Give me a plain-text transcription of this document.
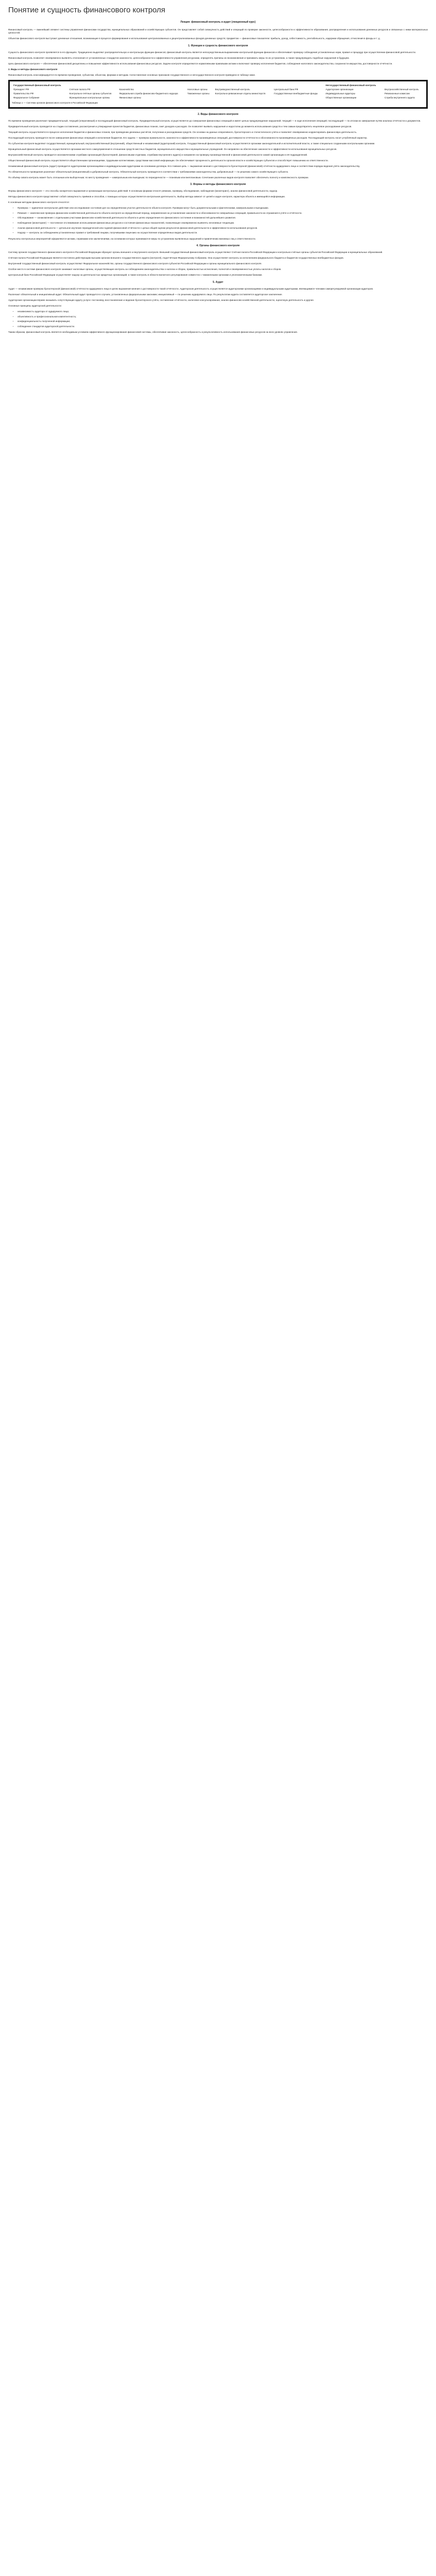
Понятие и сущность финансового контроля
Лекция: финансовый контроль и аудит (лекционный курс)

Финансовый контроль — важнейший элемент системы управления финансами государства, муниципальных образований и хозяйствующих субъектов. Он представляет собой совокупность действий и операций по проверке законности, целесообразности и эффективности образования, распределения и использования денежных ресурсов и связанных с ними материальных ценностей.

Объектом финансового контроля выступают денежные отношения, возникающие в процессе формирования и использования централизованных и децентрализованных фондов денежных средств; предметом — финансовые показатели: прибыль, доход, себестоимость, рентабельность, издержки обращения, отчисления в фонды и т. д.

1. Функции и сущность финансового контроля

Сущность финансового контроля проявляется в его функциях. Традиционно выделяют распределительную и контрольную функции финансов; финансовый контроль является непосредственным выражением контрольной функции финансов и обеспечивает проверку соблюдения установленных норм, правил и процедур при осуществлении финансовой деятельности.

Финансовый контроль позволяет своевременно выявлять отклонения от установленных стандартов законности, целесообразности и эффективности управления ресурсами, определять причины их возникновения и принимать меры по их устранению, а также предупреждать подобные нарушения в будущем.

Цель финансового контроля — обеспечение финансовой дисциплины и повышение эффективности использования финансовых ресурсов. Задачи контроля определяются нормативными правовыми актами и включают проверку исполнения бюджетов, соблюдения налогового законодательства, сохранности имущества, достоверности отчётности.

2. Виды и методы финансового контроля

Финансовый контроль классифицируется по времени проведения, субъектам, объектам, формам и методам. Сопоставление основных признаков государственного и негосударственного контроля приведено в таблице ниже.

Государственный финансовый контроль						Негосударственный финансовый контроль	
Президент РФ	Счётная палата РФ	Казначейство	Налоговые органы	Внутриведомственный контроль	Центральный банк РФ	Аудиторские организации	Внутрихозяйственный контроль
Правительство РФ	Контрольно-счётные органы субъектов	Федеральная служба финансово-бюджетного надзора	Таможенные органы	Контрольно-ревизионные отделы министерств	Государственные внебюджетные фонды	Индивидуальные аудиторы	Ревизионные комиссии
Федеральное Собрание	Муниципальные контрольные органы	Финансовые органы				Общественные организации	Служба внутреннего аудита
Таблица 1 — Система органов финансового контроля в Российской Федерации
2. Виды финансового контроля

По времени проведения различают предварительный, текущий (оперативный) и последующий финансовый контроль. Предварительный контроль осуществляется до совершения финансовых операций и имеет целью предупреждение нарушений; текущий — в ходе исполнения операций; последующий — по итогам их завершения путём анализа отчётности и документов.

Предварительный контроль проводится на стадии составления, рассмотрения и утверждения проектов бюджетов, финансовых планов, смет доходов и расходов. Он позволяет выявить нарушения и недостатки до момента использования средств и тем самым предотвратить нецелевое расходование ресурсов.

Текущий контроль осуществляется в процессе исполнения бюджетов и финансовых планов, при проведении денежных расчётов, получении и расходовании средств. Он основан на данных оперативного, бухгалтерского и статистического учёта и позволяет своевременно корректировать финансовую деятельность.

Последующий контроль проводится после завершения финансовых операций и исполнения бюджетов. Его задача — проверка правильности, законности и эффективности произведённых операций, достоверности отчётности и обоснованности произведённых расходов. Последующий контроль носит углублённый характер.

По субъектам контроля выделяют государственный, муниципальный, внутрихозяйственный (внутренний), общественный и независимый (аудиторский) контроль. Государственный финансовый контроль осуществляется органами законодательной и исполнительной власти, а также специально созданными контрольными органами.

Муниципальный финансовый контроль осуществляется органами местного самоуправления в отношении средств местных бюджетов, муниципального имущества и муниципальных учреждений. Он направлен на обеспечение законности и эффективности использования муниципальных ресурсов.

Внутрихозяйственный контроль проводится экономическими службами организаций (бухгалтерией, финансовыми отделами, службами внутреннего аудита) и направлен на проверку производственной и финансовой деятельности самой организации и её подразделений.

Общественный финансовый контроль осуществляется общественными организациями, трудовыми коллективами, средствами массовой информации. Он обеспечивает прозрачность деятельности органов власти и хозяйствующих субъектов и способствует повышению их ответственности.

Независимый финансовый контроль (аудит) проводится аудиторскими организациями и индивидуальными аудиторами на основании договора. Его главная цель — выражение мнения о достоверности бухгалтерской (финансовой) отчётности аудируемого лица и соответствии порядка ведения учёта законодательству.

По обязательности проведения различают обязательный (инициативный) и добровольный контроль. Обязательный контроль проводится в соответствии с требованиями законодательства, добровольный — по решению самого хозяйствующего субъекта.

По объёму охвата контроль может быть сплошным или выборочным; по месту проведения — камеральным или выездным; по периодичности — плановым или внеплановым. Сочетание различных видов контроля позволяет обеспечить полноту и комплексность проверки.

3. Формы и методы финансового контроля

Формы финансового контроля — это способы конкретного выражения и организации контрольных действий. К основным формам относят ревизию, проверку, обследование, наблюдение (мониторинг), анализ финансовой деятельности, надзор.

Методы финансового контроля представляют собой совокупность приёмов и способов, с помощью которых осуществляется контрольная деятельность. Выбор метода зависит от целей и задач контроля, характера объекта и имеющейся информации.

К основным методам финансового контроля относятся:

• Проверка — единичное контрольное действие или исследование состояния дел на определённом участке деятельности объекта контроля. Проверки могут быть документальными и фактическими, камеральными и выездными.
• Ревизия — комплексная проверка финансово-хозяйственной деятельности объекта контроля за определённый период, направленная на установление законности и обоснованности совершённых операций, правильности их отражения в учёте и отчётности.
• Обследование — ознакомление с отдельными участками финансово-хозяйственной деятельности объекта в целях определения его финансового состояния и возможностей дальнейшего развития.
• Наблюдение (мониторинг) — постоянное отслеживание использования финансовых ресурсов и состояния финансовых показателей, позволяющее своевременно выявлять негативные тенденции.
• Анализ финансовой деятельности — детальное изучение периодической или годовой финансовой отчётности с целью общей оценки результатов финансовой деятельности и эффективности использования ресурсов.
• Надзор — контроль за соблюдением установленных правил и требований лицами, получившими лицензию на осуществление определённых видов деятельности.

Результаты контрольных мероприятий оформляются актами, справками или заключениями, на основании которых принимаются меры по устранению выявленных нарушений и привлечению виновных лиц к ответственности.

4. Органы финансового контроля

Систему органов государственного финансового контроля в Российской Федерации образуют органы внешнего и внутреннего контроля. Внешний государственный финансовый контроль осуществляют Счётная палата Российской Федерации и контрольно-счётные органы субъектов Российской Федерации и муниципальных образований.

Счётная палата Российской Федерации является постоянно действующим высшим органом внешнего государственного аудита (контроля), подотчётным Федеральному Собранию. Она осуществляет контроль за исполнением федерального бюджета и бюджетов государственных внебюджетных фондов.

Внутренний государственный финансовый контроль осуществляют Федеральное казначейство, органы государственного финансового контроля субъектов Российской Федерации и органы муниципального финансового контроля.

Особое место в системе финансового контроля занимают налоговые органы, осуществляющие контроль за соблюдением законодательства о налогах и сборах, правильностью исчисления, полнотой и своевременностью уплаты налогов и сборов.

Центральный банк Российской Федерации осуществляет надзор за деятельностью кредитных организаций, а также контроль в области валютного регулирования совместно с таможенными органами и уполномоченными банками.

5. Аудит

Аудит — независимая проверка бухгалтерской (финансовой) отчётности аудируемого лица в целях выражения мнения о достоверности такой отчётности. Аудиторская деятельность осуществляется аудиторскими организациями и индивидуальными аудиторами, являющимися членами саморегулируемой организации аудиторов.

Различают обязательный и инициативный аудит. Обязательный аудит проводится в случаях, установленных федеральными законами; инициативный — по решению аудируемого лица. По результатам аудита составляется аудиторское заключение.

Аудиторские организации вправе оказывать сопутствующие аудиту услуги: постановку, восстановление и ведение бухгалтерского учёта, составление отчётности, налоговое консультирование, анализ финансово-хозяйственной деятельности, оценочную деятельность и другие.

Основные принципы аудиторской деятельности:

• независимость аудитора от аудируемого лица;
• объективность и профессиональная компетентность;
• конфиденциальность полученной информации;
• соблюдение стандартов аудиторской деятельности.

Таким образом, финансовый контроль является необходимым условием эффективного функционирования финансовой системы, обеспечивая законность, целесообразность и результативность использования финансовых ресурсов на всех уровнях управления.
